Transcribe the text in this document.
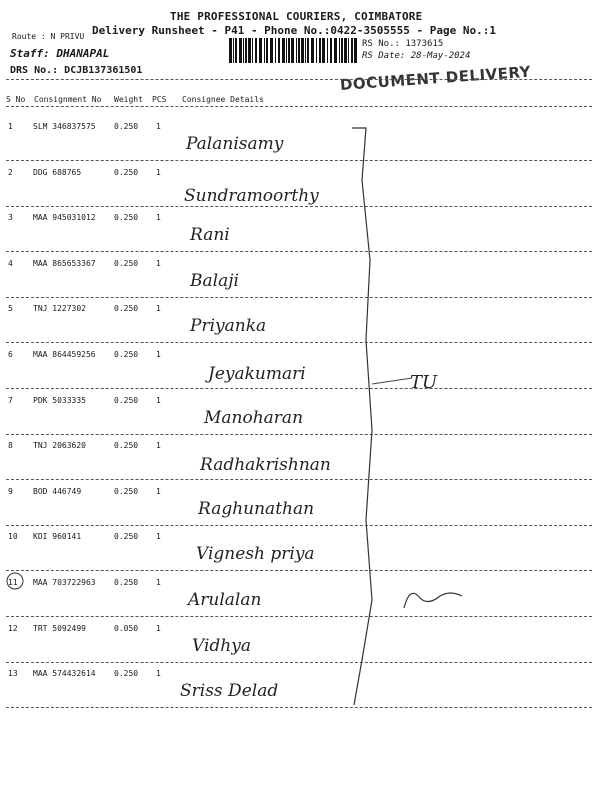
THE PROFESSIONAL COURIERS, COIMBATORE
Delivery Runsheet - P41 - Phone No.:0422-3505555 - Page No.:1
Route : N PRIVU
Staff: DHANAPAL
DRS No.: DCJB137361501
RS No.: 1373615
RS Date: 28-May-2024
DOCUMENT DELIVERY
S No Consignment No Weight PCS Consignee Details
1	SLM 346837575 0.250 1
Palanisamy
2	DDG 688765	0.250 1
Sundramoorthy
3	MAA 945031012 0.250 1
Rani
4	MAA 865653367 0.250 1
Balaji
5	TNJ 1227302	0.250 1
Priyanka
6	MAA 864459256 0.250 1
Jeyakumari
7	PDK 5033335	0.250 1
Manoharan
8	TNJ 2063620	0.250 1
Radhakrishnan
9	BOD 446749	0.250 1
Raghunathan
10 KDI 960141	0.250 1
Vignesh priya
11 MAA 703722963 0.250 1
Arulalan
12 TRT 5092499	0.050 1
Vidhya
13 MAA 574432614 0.250 1
Sriss Delad
TU
